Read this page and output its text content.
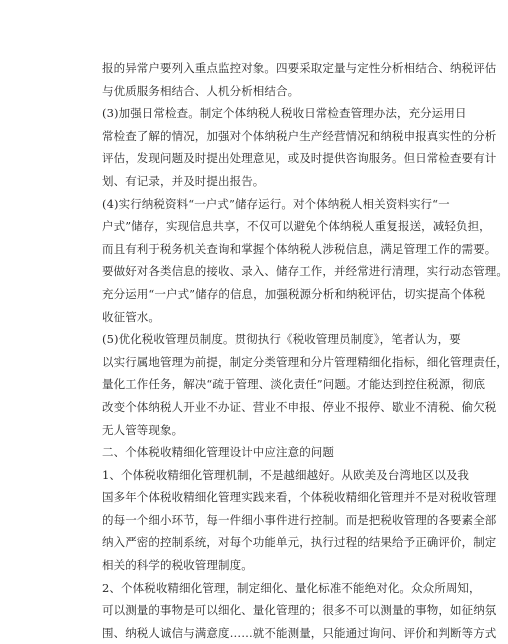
报的异常户要列入重点监控对象。四要采取定量与定性分析相结合、纳税评估
与优质服务相结合、人机分析相结合。
(3)加强日常检查。制定个体纳税人税收日常检查管理办法，充分运用日
常检查了解的情况，加强对个体纳税户生产经营情况和纳税申报真实性的分析
评估，发现问题及时提出处理意见，或及时提供咨询服务。但日常检查要有计
划、有记录，并及时提出报告。
(4)实行纳税资料“一户式”储存运行。对个体纳税人相关资料实行“一
户式”储存，实现信息共享，不仅可以避免个体纳税人重复报送，减轻负担，
而且有利于税务机关查询和掌握个体纳税人涉税信息，满足管理工作的需要。
要做好对各类信息的接收、录入、储存工作，并经常进行清理，实行动态管理。
充分运用“一户式”储存的信息，加强税源分析和纳税评估，切实提高个体税
收征管水。
(5)优化税收管理员制度。贯彻执行《税收管理员制度》，笔者认为，要
以实行属地管理为前提，制定分类管理和分片管理精细化指标，细化管理责任，
量化工作任务，解决“疏于管理、淡化责任”问题。才能达到控住税源，彻底
改变个体纳税人开业不办证、营业不申报、停业不报停、歇业不清税、偷欠税
无人管等现象。
二、个体税收精细化管理设计中应注意的问题
1、个体税收精细化管理机制，不是越细越好。从欧美及台湾地区以及我
国多年个体税收精细化管理实践来看，个体税收精细化管理并不是对税收管理
的每一个细小环节，每一件细小事件进行控制。而是把税收管理的各要素全部
纳入严密的控制系统，对每个功能单元，执行过程的结果给予正确评价，制定
相关的科学的税收管理制度。
2、个体税收精细化管理，制定细化、量化标准不能绝对化。众众所周知，
可以测量的事物是可以细化、量化管理的；很多不可以测量的事物，如征纳氛
围、纳税人诚信与满意度……就不能测量，只能通过询问、评价和判断等方式
